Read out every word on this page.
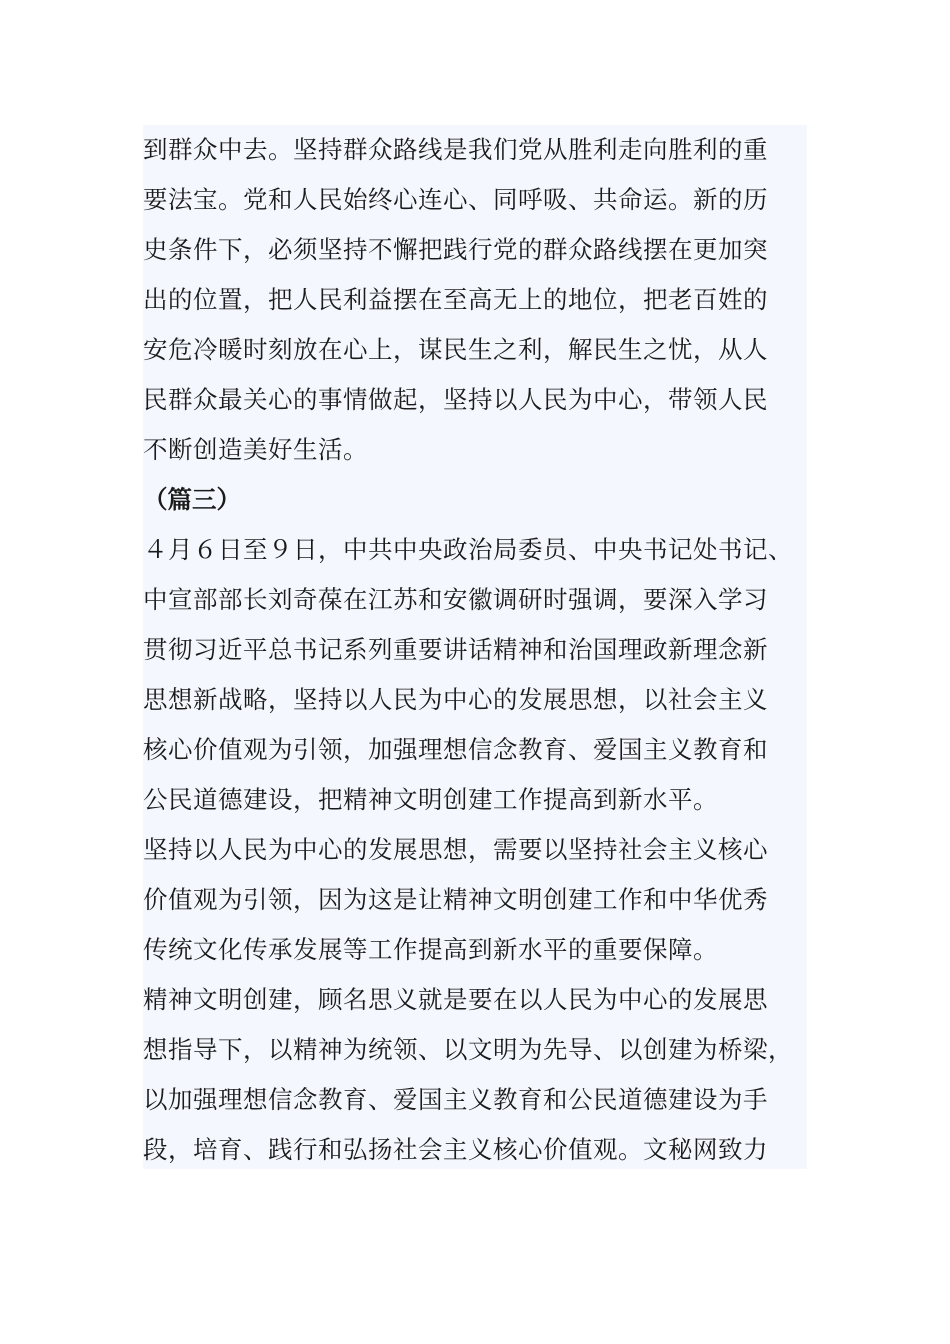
到群众中去。坚持群众路线是我们党从胜利走向胜利的重
要法宝。党和人民始终心连心、同呼吸、共命运。新的历
史条件下，必须坚持不懈把践行党的群众路线摆在更加突
出的位置，把人民利益摆在至高无上的地位，把老百姓的
安危冷暖时刻放在心上，谋民生之利，解民生之忧，从人
民群众最关心的事情做起，坚持以人民为中心，带领人民
不断创造美好生活。
（篇三）
４月６日至９日，中共中央政治局委员、中央书记处书记、
中宣部部长刘奇葆在江苏和安徽调研时强调，要深入学习
贯彻习近平总书记系列重要讲话精神和治国理政新理念新
思想新战略，坚持以人民为中心的发展思想，以社会主义
核心价值观为引领，加强理想信念教育、爱国主义教育和
公民道德建设，把精神文明创建工作提高到新水平。
坚持以人民为中心的发展思想，需要以坚持社会主义核心
价值观为引领，因为这是让精神文明创建工作和中华优秀
传统文化传承发展等工作提高到新水平的重要保障。
精神文明创建，顾名思义就是要在以人民为中心的发展思
想指导下，以精神为统领、以文明为先导、以创建为桥梁，
以加强理想信念教育、爱国主义教育和公民道德建设为手
段，培育、践行和弘扬社会主义核心价值观。文秘网致力
